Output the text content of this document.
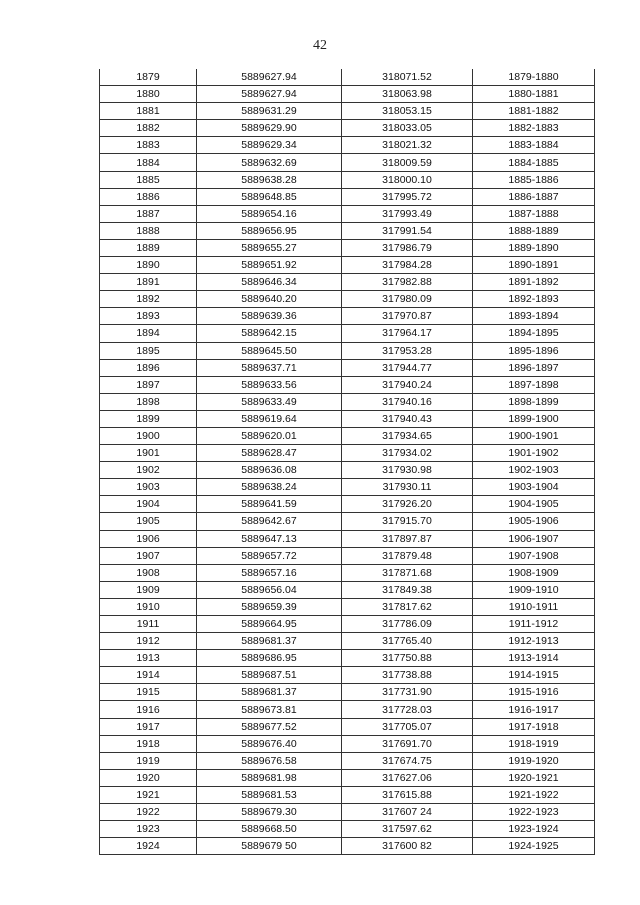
42
1879	5889627.94	318071.52	1879-1880
1880	5889627.94	318063.98	1880-1881
1881	5889631.29	318053.15	1881-1882
1882	5889629.90	318033.05	1882-1883
1883	5889629.34	318021.32	1883-1884
1884	5889632.69	318009.59	1884-1885
1885	5889638.28	318000.10	1885-1886
1886	5889648.85	317995.72	1886-1887
1887	5889654.16	317993.49	1887-1888
1888	5889656.95	317991.54	1888-1889
1889	5889655.27	317986.79	1889-1890
1890	5889651.92	317984.28	1890-1891
1891	5889646.34	317982.88	1891-1892
1892	5889640.20	317980.09	1892-1893
1893	5889639.36	317970.87	1893-1894
1894	5889642.15	317964.17	1894-1895
1895	5889645.50	317953.28	1895-1896
1896	5889637.71	317944.77	1896-1897
1897	5889633.56	317940.24	1897-1898
1898	5889633.49	317940.16	1898-1899
1899	5889619.64	317940.43	1899-1900
1900	5889620.01	317934.65	1900-1901
1901	5889628.47	317934.02	1901-1902
1902	5889636.08	317930.98	1902-1903
1903	5889638.24	317930.11	1903-1904
1904	5889641.59	317926.20	1904-1905
1905	5889642.67	317915.70	1905-1906
1906	5889647.13	317897.87	1906-1907
1907	5889657.72	317879.48	1907-1908
1908	5889657.16	317871.68	1908-1909
1909	5889656.04	317849.38	1909-1910
1910	5889659.39	317817.62	1910-1911
1911	5889664.95	317786.09	1911-1912
1912	5889681.37	317765.40	1912-1913
1913	5889686.95	317750.88	1913-1914
1914	5889687.51	317738.88	1914-1915
1915	5889681.37	317731.90	1915-1916
1916	5889673.81	317728.03	1916-1917
1917	5889677.52	317705.07	1917-1918
1918	5889676.40	317691.70	1918-1919
1919	5889676.58	317674.75	1919-1920
1920	5889681.98	317627.06	1920-1921
1921	5889681.53	317615.88	1921-1922
1922	5889679.30	317607 24	1922-1923
1923	5889668.50	317597.62	1923-1924
1924	5889679 50	317600 82	1924-1925
